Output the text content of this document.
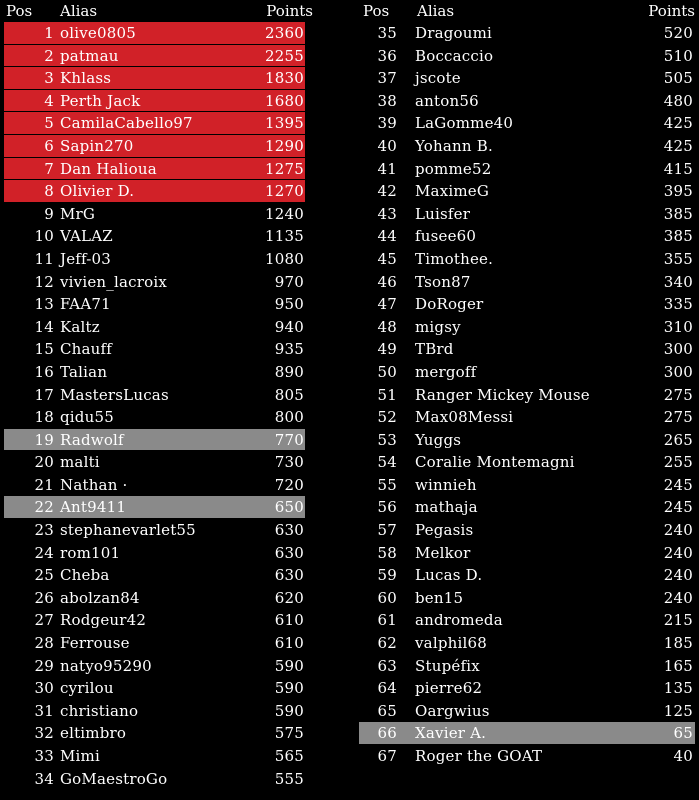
Pos Alias	Points
1 olive0805	2360
2 patmau	2255
3 Khlass	1830
4 Perth Jack	1680
5 CamilaCabello97	1395
6 Sapin270	1290
7 Dan Halioua	1275
8 Olivier D.	1270
9 MrG	1240
10 VALAZ	1135
11 Jeff-03	1080
12 vivien_lacroix	970
13 FAA71	950
14 Kaltz	940
15 Chauff	935
16 Talian	890
17 MastersLucas	805
18 qidu55	800
19 Radwolf	770
20 malti	730
21 Nathan ·	720
22 Ant9411	650
23 stephanevarlet55	630
24 rom101	630
25 Cheba	630
26 abolzan84	620
27 Rodgeur42	610
28 Ferrouse	610
29 natyo95290	590
30 cyrilou	590
31 christiano	590
32 eltimbro	575
33 Mimi	565
34 GoMaestroGo	555
Pos Alias	Points
35 Dragoumi	520
36 Boccaccio	510
37 jscote	505
38 anton56	480
39 LaGomme40	425
40 Yohann B.	425
41 pomme52	415
42 MaximeG	395
43 Luisfer	385
44 fusee60	385
45 Timothee.	355
46 Tson87	340
47 DoRoger	335
48 migsy	310
49 TBrd	300
50 mergoff	300
51 Ranger Mickey Mouse	275
52 Max08Messi	275
53 Yuggs	265
54 Coralie Montemagni	255
55 winnieh	245
56 mathaja	245
57 Pegasis	240
58 Melkor	240
59 Lucas D.	240
60 ben15	240
61 andromeda	215
62 valphil68	185
63 Stupéfix	165
64 pierre62	135
65 Oargwius	125
66 Xavier A.	65
67 Roger the GOAT	40
